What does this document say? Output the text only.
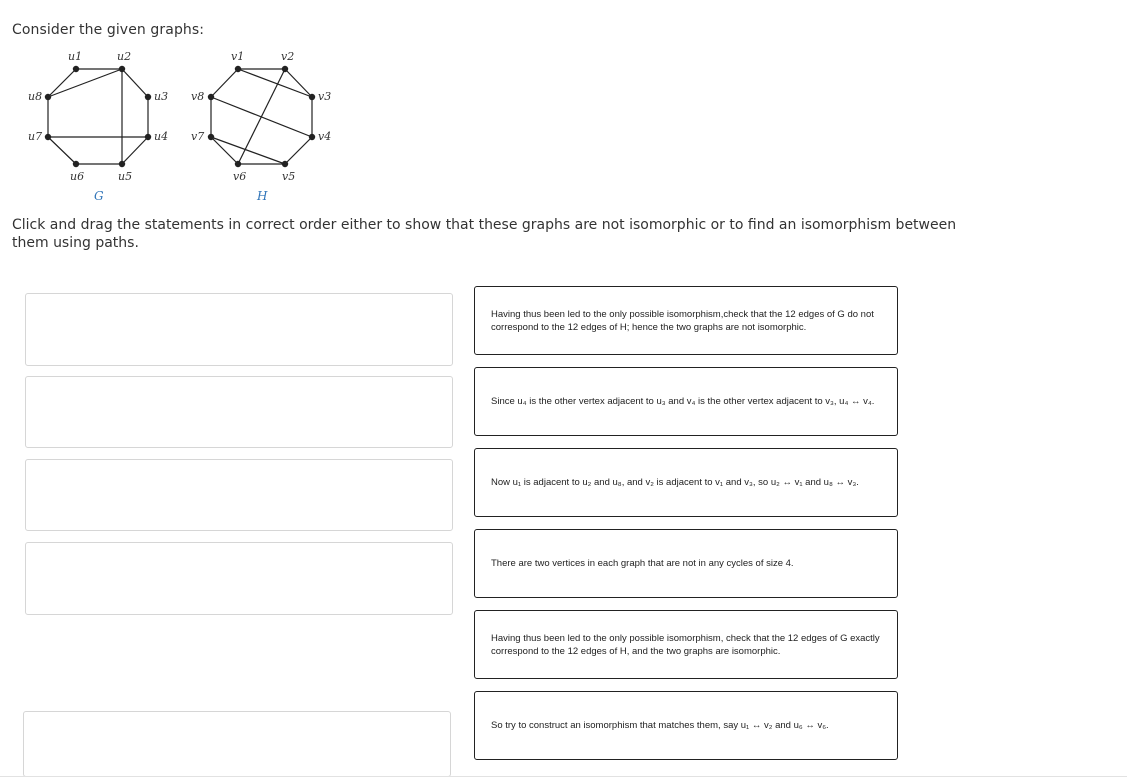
Consider the given graphs:

u1	u2
u3
u4
u5
u6
u7
u8
G
v1	v2
v3
v4
v5
v6
v7
v8
H

Click and drag the statements in correct order either to show that these graphs are not isomorphic or to find an isomorphism between them using paths.

Having thus been led to the only possible isomorphism,check that the 12 edges of G do not correspond to the 12 edges of H; hence the two graphs are not isomorphic.
Since u₄ is the other vertex adjacent to u₃ and v₄ is the other vertex adjacent to v₃, u₄ ↔ v₄.
Now u₁ is adjacent to u₂ and u₈, and v₂ is adjacent to v₁ and v₃, so u₂ ↔ v₁ and u₈ ↔ v₃.
There are two vertices in each graph that are not in any cycles of size 4.
Having thus been led to the only possible isomorphism, check that the 12 edges of G exactly correspond to the 12 edges of H, and the two graphs are isomorphic.
So try to construct an isomorphism that matches them, say u₁ ↔ v₂ and u₆ ↔ v₆.
